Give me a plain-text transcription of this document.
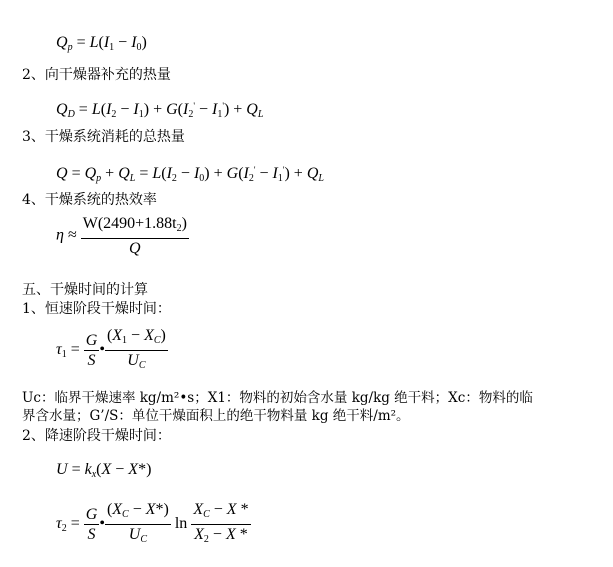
$Q_p = L(I_1 - I_0)$
2、向干燥器补充的热量
$Q_D = L(I_2 - I_1) + G(I_2' - I_1') + Q_L$
3、干燥系统消耗的总热量
$Q = Q_p + Q_L = L(I_2 - I_0) + G(I_2' - I_1') + Q_L$
4、干燥系统的热效率
$\eta \approx \frac{W(2490+1.88t_2)}{Q}$
五、干燥时间的计算
1、恒速阶段干燥时间：
$\tau_1 = \frac{G}{S}$ • $\frac{(X_1 - X_C)}{U_C}$
Uc：临界干燥速率 kg/m²•s；X1：物料的初始含水量 kg/kg 绝干料；Xc：物料的临
界含水量；G’/S：单位干燥面积上的绝干物料量 kg 绝干料/m²。
2、降速阶段干燥时间：
$U = k_x(X - X*)$
$\tau_2 = \frac{G}{S}$ • $\frac{(X_C - X*)}{U_C}$ $\ln \frac{X_C - X *}{X_2 - X *}$
